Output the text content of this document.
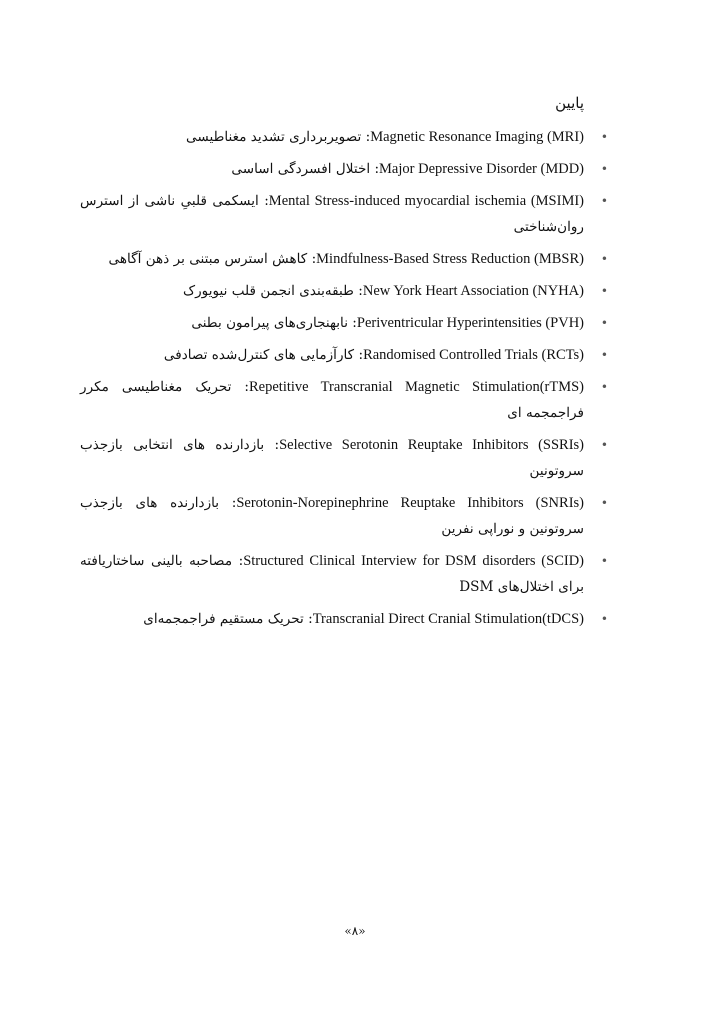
پایین
•
Magnetic Resonance Imaging (MRI): تصویربرداری تشدید مغناطیسی
•
Major Depressive Disorder (MDD): اختلال افسردگی اساسی
•
Mental Stress-induced myocardial ischemia (MSIMI): ایسکمی قلبیِ ناشی از استرس روان‌شناختی
•
Mindfulness-Based Stress Reduction (MBSR): کاهش استرس مبتنی بر ذهن آگاهی
•
New York Heart Association (NYHA): طبقه‌بندی انجمن قلب نیویورک
•
Periventricular Hyperintensities (PVH): نابهنجاری‌های پیرامون بطنی
•
Randomised Controlled Trials (RCTs): کارآزمایی های کنترل‌شده تصادفی
•
Repetitive Transcranial Magnetic Stimulation(rTMS): تحریک مغناطیسی مکرر فراجمجمه ای
•
Selective Serotonin Reuptake Inhibitors (SSRIs): بازدارنده های انتخابی بازجذب سروتونین
•
Serotonin-Norepinephrine Reuptake Inhibitors (SNRIs): بازدارنده های بازجذب سروتونین و نوراپی نفرین
•
Structured Clinical Interview for DSM disorders (SCID): مصاحبه بالینی ساختاریافته برای اختلال‌های DSM
•
Transcranial Direct Cranial Stimulation(tDCS): تحریک مستقیم فراجمجمه‌ای
«۸»
